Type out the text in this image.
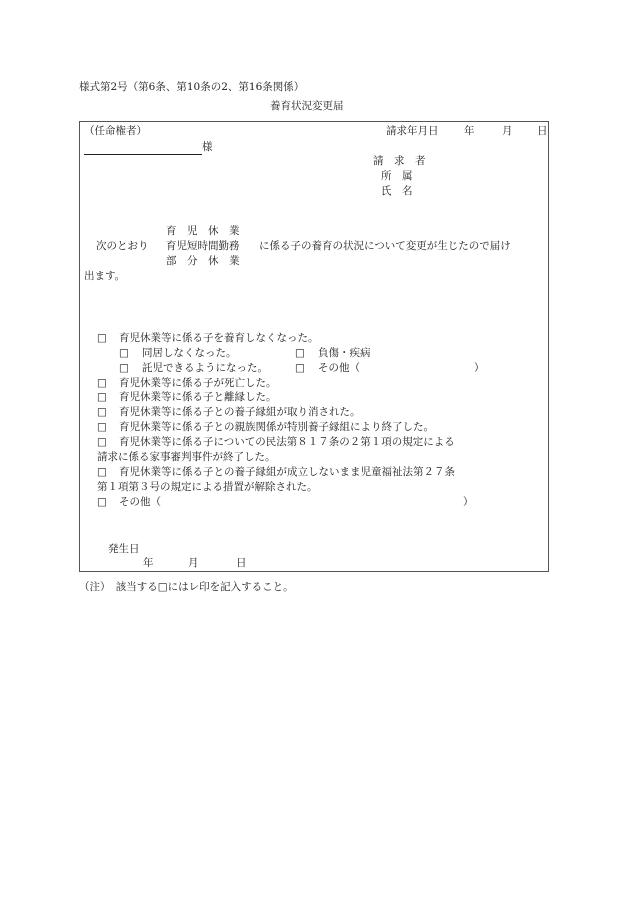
様式第2号（第6条、第10条の2、第16条関係）
養育状況変更届
（任命権者）	請求年月日 年	月 日
様
請　求　者
所　属
氏　名
育　児　休　業
次のとおり 育児短時間勤務 に係る子の養育の状況について変更が生じたので届け
部　分　休　業
出ます。
□ 育児休業等に係る子を養育しなくなった。
□ 同居しなくなった。	□ 負傷・疾病
□ 託児できるようになった。	□ その他（	）
□ 育児休業等に係る子が死亡した。
□ 育児休業等に係る子と離縁した。
□ 育児休業等に係る子との養子縁組が取り消された。
□ 育児休業等に係る子との親族関係が特別養子縁組により終了した。
□ 育児休業等に係る子についての民法第８１７条の２第１項の規定による
請求に係る家事審判事件が終了した。
□ 育児休業等に係る子との養子縁組が成立しないまま児童福祉法第２７条
第１項第３号の規定による措置が解除された。
□ その他（	）
発生日
年	月	日
（注）　該当する□にはレ印を記入すること。
